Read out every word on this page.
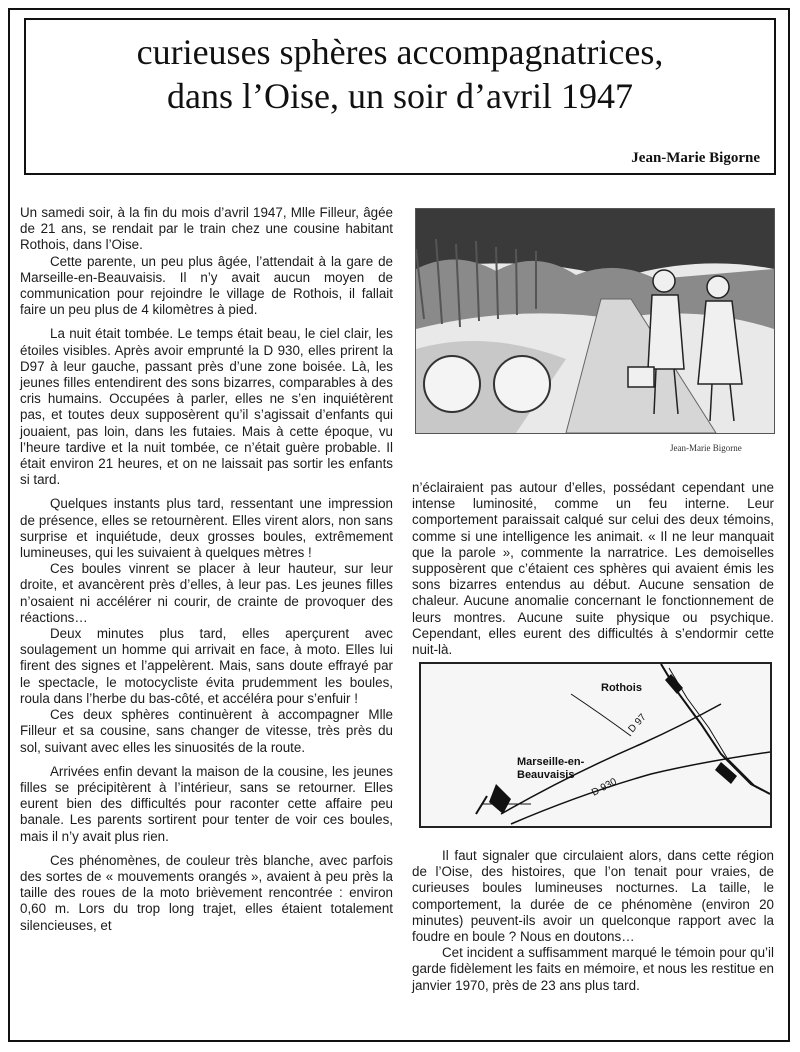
curieuses sphères accompagnatrices,
dans l’Oise, un soir d’avril 1947
Jean-Marie Bigorne

Un samedi soir, à la fin du mois d’avril 1947, Mlle Filleur, âgée de 21 ans, se rendait par le train chez une cousine habitant Rothois, dans l’Oise.

Cette parente, un peu plus âgée, l’attendait à la gare de Marseille-en-Beauvaisis. Il n’y avait aucun moyen de communication pour rejoindre le village de Rothois, il fallait faire un peu plus de 4 kilomètres à pied.

La nuit était tombée. Le temps était beau, le ciel clair, les étoiles visibles. Après avoir emprunté la D 930, elles prirent la D97 à leur gauche, passant près d’une zone boisée. Là, les jeunes filles entendirent des sons bizarres, comparables à des cris humains. Occupées à parler, elles ne s’en inquiétèrent pas, et toutes deux supposèrent qu’il s’agissait d’enfants qui jouaient, pas loin, dans les futaies. Mais à cette époque, vu l’heure tardive et la nuit tombée, ce n’était guère probable. Il était environ 21 heures, et on ne laissait pas sortir les enfants si tard.

Quelques instants plus tard, ressentant une impression de présence, elles se retournèrent. Elles virent alors, non sans surprise et inquiétude, deux grosses boules, extrêmement lumineuses, qui les suivaient à quelques mètres !

Ces boules vinrent se placer à leur hauteur, sur leur droite, et avancèrent près d’elles, à leur pas. Les jeunes filles n’osaient ni accélérer ni courir, de crainte de provoquer des réactions…

Deux minutes plus tard, elles aperçurent avec soulagement un homme qui arrivait en face, à moto. Elles lui firent des signes et l’appelèrent. Mais, sans doute effrayé par le spectacle, le motocycliste évita prudemment les boules, roula dans l’herbe du bas-côté, et accéléra pour s’enfuir !

Ces deux sphères continuèrent à accompagner Mlle Filleur et sa cousine, sans changer de vitesse, très près du sol, suivant avec elles les sinuosités de la route.

Arrivées enfin devant la maison de la cousine, les jeunes filles se précipitèrent à l’intérieur, sans se retourner. Elles eurent bien des difficultés pour raconter cette affaire peu banale. Les parents sortirent pour tenter de voir ces boules, mais il n’y avait plus rien.

Ces phénomènes, de couleur très blanche, avec parfois des sortes de « mouvements orangés », avaient à peu près la taille des roues de la moto brièvement rencontrée : environ 0,60 m. Lors du trop long trajet, elles étaient totalement silencieuses, et

Jean-Marie Bigorne

n’éclairaient pas autour d’elles, possédant cependant une intense luminosité, comme un feu interne. Leur comportement paraissait calqué sur celui des deux témoins, comme si une intelligence les animait. « Il ne leur manquait que la parole », commente la narratrice. Les demoiselles supposèrent que c’étaient ces sphères qui avaient émis les sons bizarres entendus au début. Aucune sensation de chaleur. Aucune anomalie concernant le fonctionnement de leurs montres. Aucune suite physique ou psychique. Cependant, elles eurent des difficultés à s’endormir cette nuit-là.

Rothois
Marseille-en-
Beauvaisis
D 97
D 930

Il faut signaler que circulaient alors, dans cette région de l’Oise, des histoires, que l’on tenait pour vraies, de curieuses boules lumineuses nocturnes. La taille, le comportement, la durée de ce phénomène (environ 20 minutes) peuvent-ils avoir un quelconque rapport avec la foudre en boule ? Nous en doutons…

Cet incident a suffisamment marqué le témoin pour qu’il garde fidèlement les faits en mémoire, et nous les restitue en janvier 1970, près de 23 ans plus tard.
